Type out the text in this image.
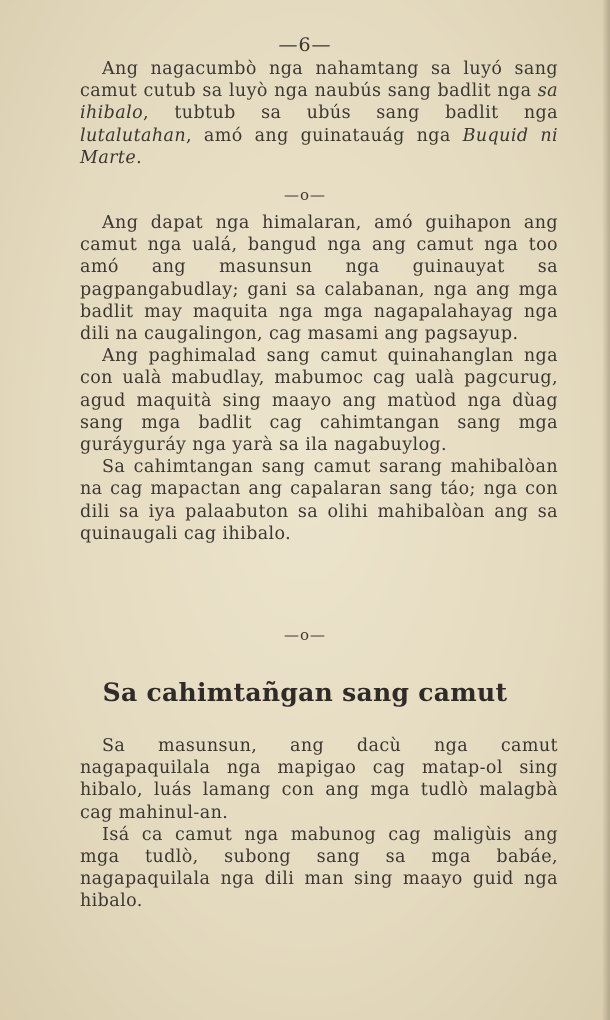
—6—

Ang nagacumbò nga nahamtang sa luyó sang camut cutub sa luyò nga naubús sang badlit nga sa ihibalo, tubtub sa ubús sang badlit nga lutalutahan, amó ang guinatauág nga Buquid ni Marte.

—o—

Ang dapat nga himalaran, amó guihapon ang camut nga ualá, bangud nga ang camut nga too amó ang masunsun nga guinauyat sa pagpangabudlay; gani sa calabanan, nga ang mga badlit may maquita nga mga nagapalahayag nga dili na caugalingon, cag masami ang pagsayup.

Ang paghimalad sang camut quinahanglan nga con ualà mabudlay, mabumoc cag ualà pagcurug, agud maquità sing maayo ang matùod nga dùag sang mga badlit cag cahimtangan sang mga guráyguráy nga yarà sa ila nagabuylog.

Sa cahimtangan sang camut sarang mahibalòan na cag mapactan ang capalaran sang táo; nga con dili sa iya palaabuton sa olihi mahibalòan ang sa quinaugali cag ihibalo.

—o—
Sa cahimtañgan sang camut

Sa masunsun, ang dacù nga camut nagapaquilala nga mapigao cag matap-ol sing hibalo, luás lamang con ang mga tudlò malagbà cag mahinul-an.

Isá ca camut nga mabunog cag maligùis ang mga tudlò, subong sang sa mga babáe, nagapaquilala nga dili man sing maayo guid nga hibalo.
